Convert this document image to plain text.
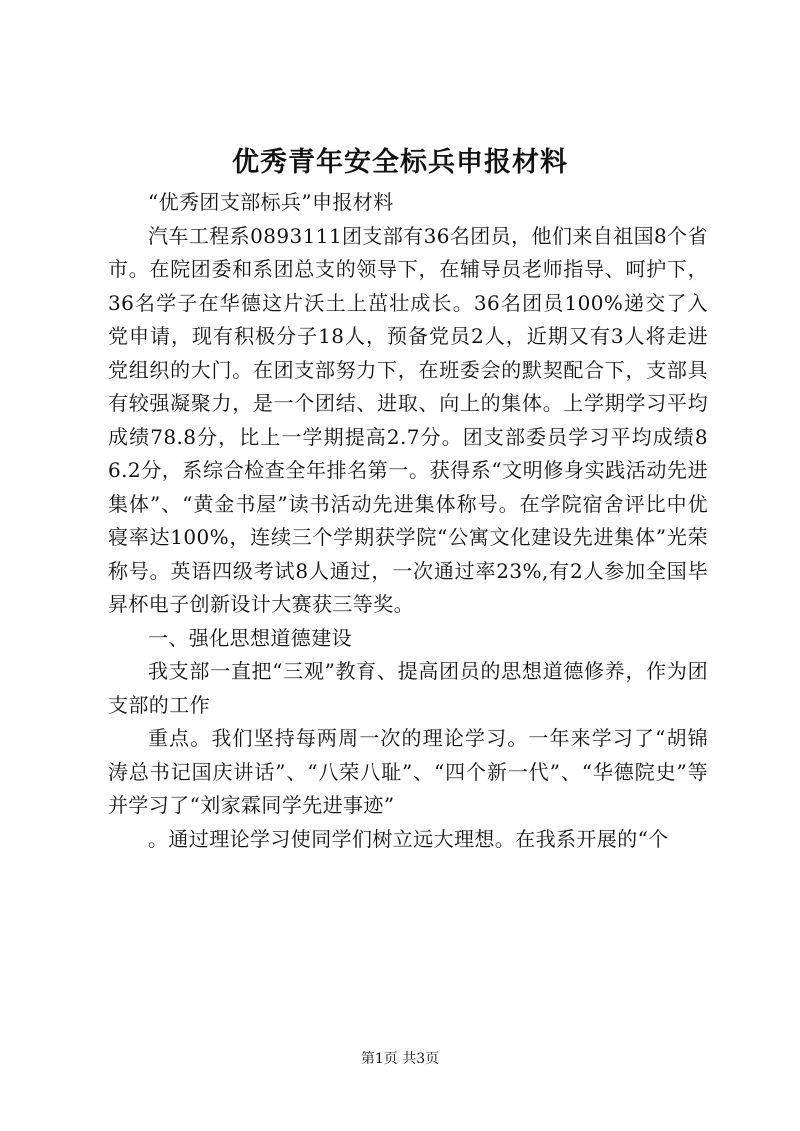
优秀青年安全标兵申报材料

“优秀团支部标兵”申报材料

汽车工程系0893111团支部有36名团员，他们来自祖国8个省市。在院团委和系团总支的领导下，在辅导员老师指导、呵护下，36名学子在华德这片沃土上茁壮成长。36名团员100%递交了入党申请，现有积极分子18人，预备党员2人，近期又有3人将走进党组织的大门。在团支部努力下，在班委会的默契配合下，支部具有较强凝聚力，是一个团结、进取、向上的集体。上学期学习平均成绩78.8分，比上一学期提高2.7分。团支部委员学习平均成绩86.2分，系综合检查全年排名第一。获得系“文明修身实践活动先进集体”、“黄金书屋”读书活动先进集体称号。在学院宿舍评比中优寝率达100%，连续三个学期获学院“公寓文化建设先进集体”光荣称号。英语四级考试8人通过，一次通过率23%,有2人参加全国毕昇杯电子创新设计大赛获三等奖。

一、强化思想道德建设

我支部一直把“三观”教育、提高团员的思想道德修养，作为团支部的工作

重点。我们坚持每两周一次的理论学习。一年来学习了“胡锦涛总书记国庆讲话”、“八荣八耻”、“四个新一代”、“华德院史”等并学习了“刘家霖同学先进事迹”

。通过理论学习使同学们树立远大理想。在我系开展的“个

第1页 共3页
